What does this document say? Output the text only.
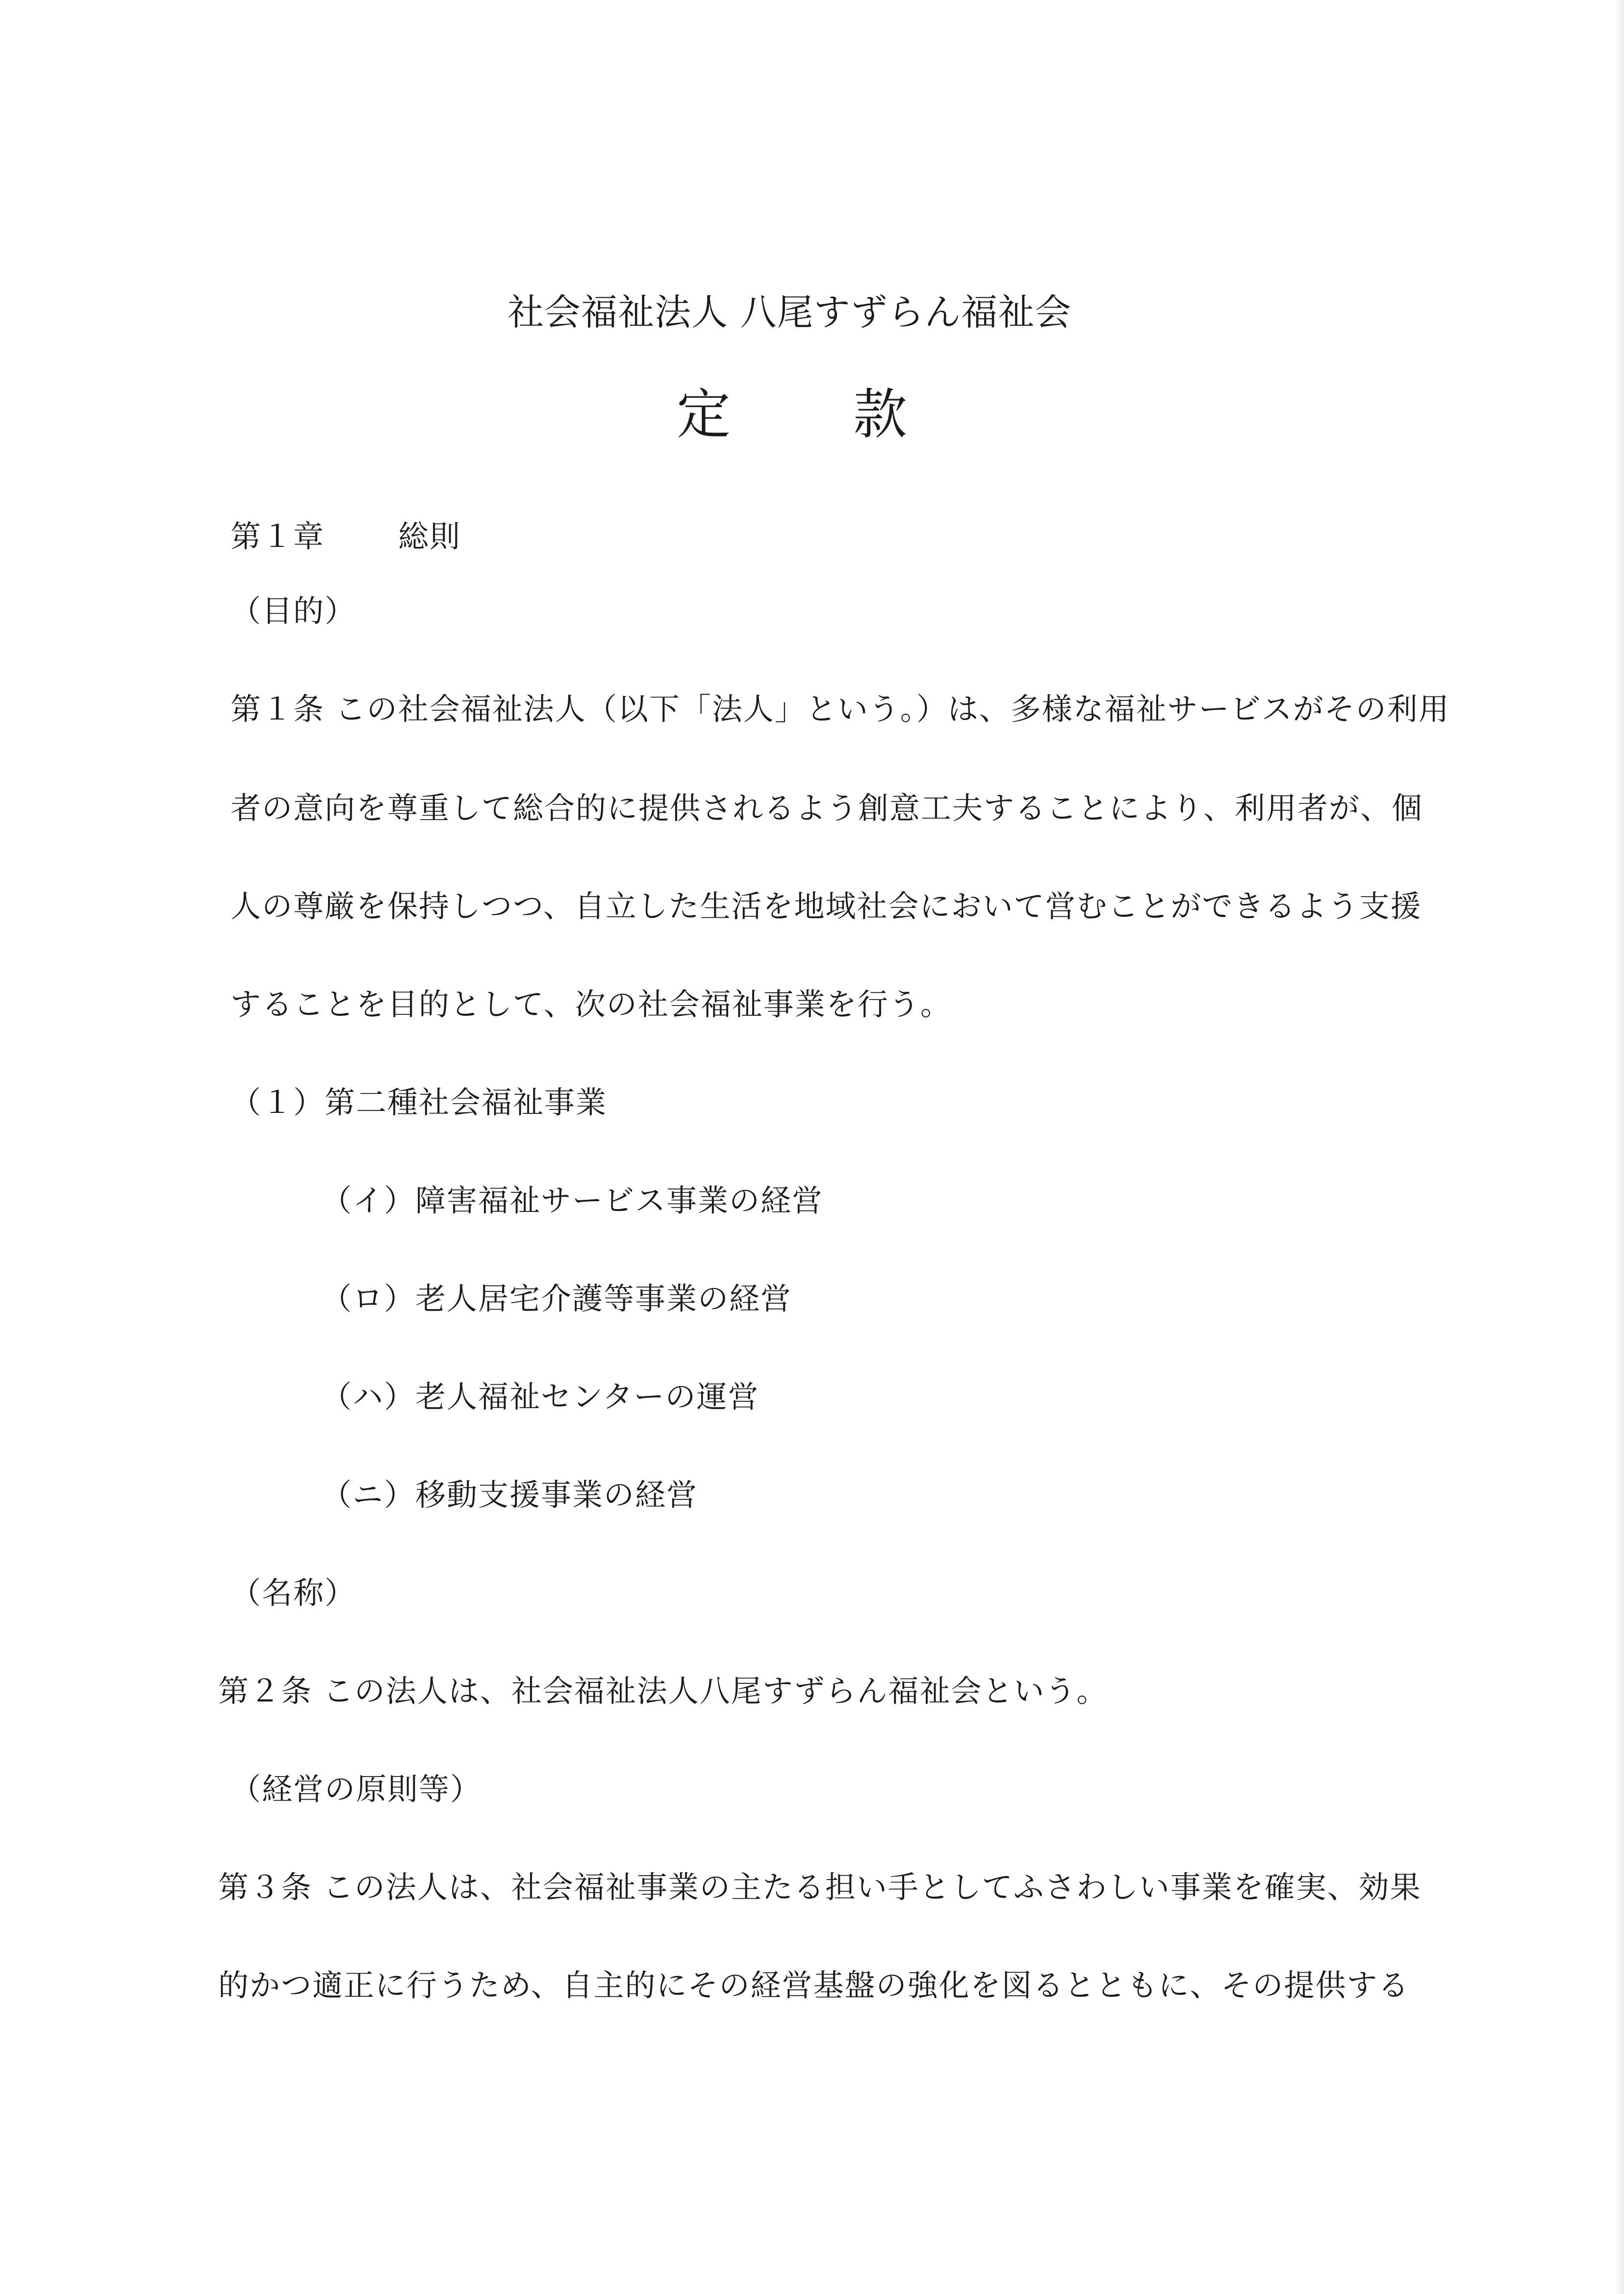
社会福祉法人 八尾すずらん福祉会
定	款
第１章 総則
（目的）
第１条 この社会福祉法人（以下「法人」という。）は、多様な福祉サービスがその利用
者の意向を尊重して総合的に提供されるよう創意工夫することにより、利用者が、個
人の尊厳を保持しつつ、自立した生活を地域社会において営むことができるよう支援
することを目的として、次の社会福祉事業を行う。
（１）第二種社会福祉事業
（イ）障害福祉サービス事業の経営
（ロ）老人居宅介護等事業の経営
（ハ）老人福祉センターの運営
（ニ）移動支援事業の経営
（名称）
第２条 この法人は、社会福祉法人八尾すずらん福祉会という。
（経営の原則等）
第３条 この法人は、社会福祉事業の主たる担い手としてふさわしい事業を確実、効果
的かつ適正に行うため、自主的にその経営基盤の強化を図るとともに、その提供する
